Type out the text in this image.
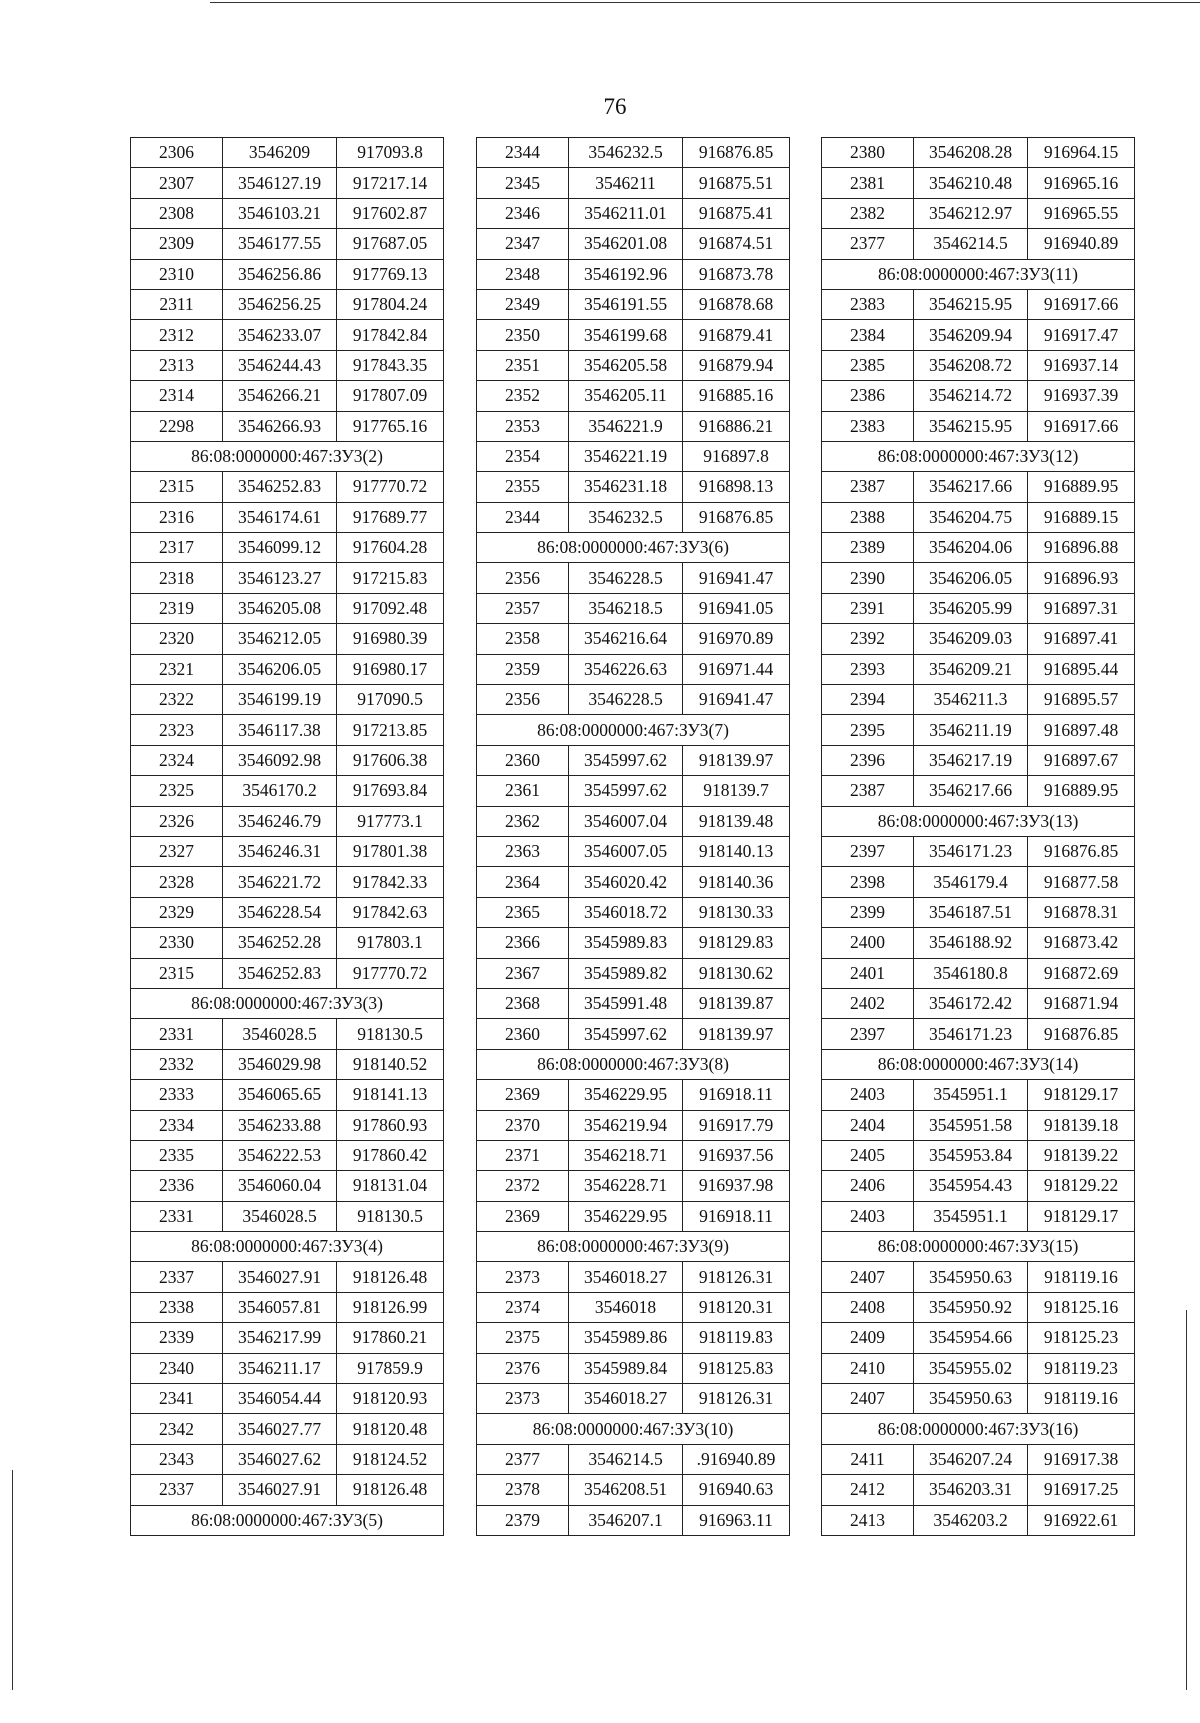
76
2306	3546209	917093.8
2307	3546127.19	917217.14
2308	3546103.21	917602.87
2309	3546177.55	917687.05
2310	3546256.86	917769.13
2311	3546256.25	917804.24
2312	3546233.07	917842.84
2313	3546244.43	917843.35
2314	3546266.21	917807.09
2298	3546266.93	917765.16
86:08:0000000:467:ЗУ3(2)		
2315	3546252.83	917770.72
2316	3546174.61	917689.77
2317	3546099.12	917604.28
2318	3546123.27	917215.83
2319	3546205.08	917092.48
2320	3546212.05	916980.39
2321	3546206.05	916980.17
2322	3546199.19	917090.5
2323	3546117.38	917213.85
2324	3546092.98	917606.38
2325	3546170.2	917693.84
2326	3546246.79	917773.1
2327	3546246.31	917801.38
2328	3546221.72	917842.33
2329	3546228.54	917842.63
2330	3546252.28	917803.1
2315	3546252.83	917770.72
86:08:0000000:467:ЗУ3(3)		
2331	3546028.5	918130.5
2332	3546029.98	918140.52
2333	3546065.65	918141.13
2334	3546233.88	917860.93
2335	3546222.53	917860.42
2336	3546060.04	918131.04
2331	3546028.5	918130.5
86:08:0000000:467:ЗУ3(4)		
2337	3546027.91	918126.48
2338	3546057.81	918126.99
2339	3546217.99	917860.21
2340	3546211.17	917859.9
2341	3546054.44	918120.93
2342	3546027.77	918120.48
2343	3546027.62	918124.52
2337	3546027.91	918126.48
86:08:0000000:467:ЗУ3(5)		
2344	3546232.5	916876.85
2345	3546211	916875.51
2346	3546211.01	916875.41
2347	3546201.08	916874.51
2348	3546192.96	916873.78
2349	3546191.55	916878.68
2350	3546199.68	916879.41
2351	3546205.58	916879.94
2352	3546205.11	916885.16
2353	3546221.9	916886.21
2354	3546221.19	916897.8
2355	3546231.18	916898.13
2344	3546232.5	916876.85
86:08:0000000:467:ЗУ3(6)		
2356	3546228.5	916941.47
2357	3546218.5	916941.05
2358	3546216.64	916970.89
2359	3546226.63	916971.44
2356	3546228.5	916941.47
86:08:0000000:467:ЗУ3(7)		
2360	3545997.62	918139.97
2361	3545997.62	918139.7
2362	3546007.04	918139.48
2363	3546007.05	918140.13
2364	3546020.42	918140.36
2365	3546018.72	918130.33
2366	3545989.83	918129.83
2367	3545989.82	918130.62
2368	3545991.48	918139.87
2360	3545997.62	918139.97
86:08:0000000:467:ЗУ3(8)		
2369	3546229.95	916918.11
2370	3546219.94	916917.79
2371	3546218.71	916937.56
2372	3546228.71	916937.98
2369	3546229.95	916918.11
86:08:0000000:467:ЗУ3(9)		
2373	3546018.27	918126.31
2374	3546018	918120.31
2375	3545989.86	918119.83
2376	3545989.84	918125.83
2373	3546018.27	918126.31
86:08:0000000:467:ЗУ3(10)		
2377	3546214.5	.916940.89
2378	3546208.51	916940.63
2379	3546207.1	916963.11
2380	3546208.28	916964.15
2381	3546210.48	916965.16
2382	3546212.97	916965.55
2377	3546214.5	916940.89
86:08:0000000:467:ЗУ3(11)		
2383	3546215.95	916917.66
2384	3546209.94	916917.47
2385	3546208.72	916937.14
2386	3546214.72	916937.39
2383	3546215.95	916917.66
86:08:0000000:467:ЗУ3(12)		
2387	3546217.66	916889.95
2388	3546204.75	916889.15
2389	3546204.06	916896.88
2390	3546206.05	916896.93
2391	3546205.99	916897.31
2392	3546209.03	916897.41
2393	3546209.21	916895.44
2394	3546211.3	916895.57
2395	3546211.19	916897.48
2396	3546217.19	916897.67
2387	3546217.66	916889.95
86:08:0000000:467:ЗУ3(13)		
2397	3546171.23	916876.85
2398	3546179.4	916877.58
2399	3546187.51	916878.31
2400	3546188.92	916873.42
2401	3546180.8	916872.69
2402	3546172.42	916871.94
2397	3546171.23	916876.85
86:08:0000000:467:ЗУ3(14)		
2403	3545951.1	918129.17
2404	3545951.58	918139.18
2405	3545953.84	918139.22
2406	3545954.43	918129.22
2403	3545951.1	918129.17
86:08:0000000:467:ЗУ3(15)		
2407	3545950.63	918119.16
2408	3545950.92	918125.16
2409	3545954.66	918125.23
2410	3545955.02	918119.23
2407	3545950.63	918119.16
86:08:0000000:467:ЗУ3(16)		
2411	3546207.24	916917.38
2412	3546203.31	916917.25
2413	3546203.2	916922.61
